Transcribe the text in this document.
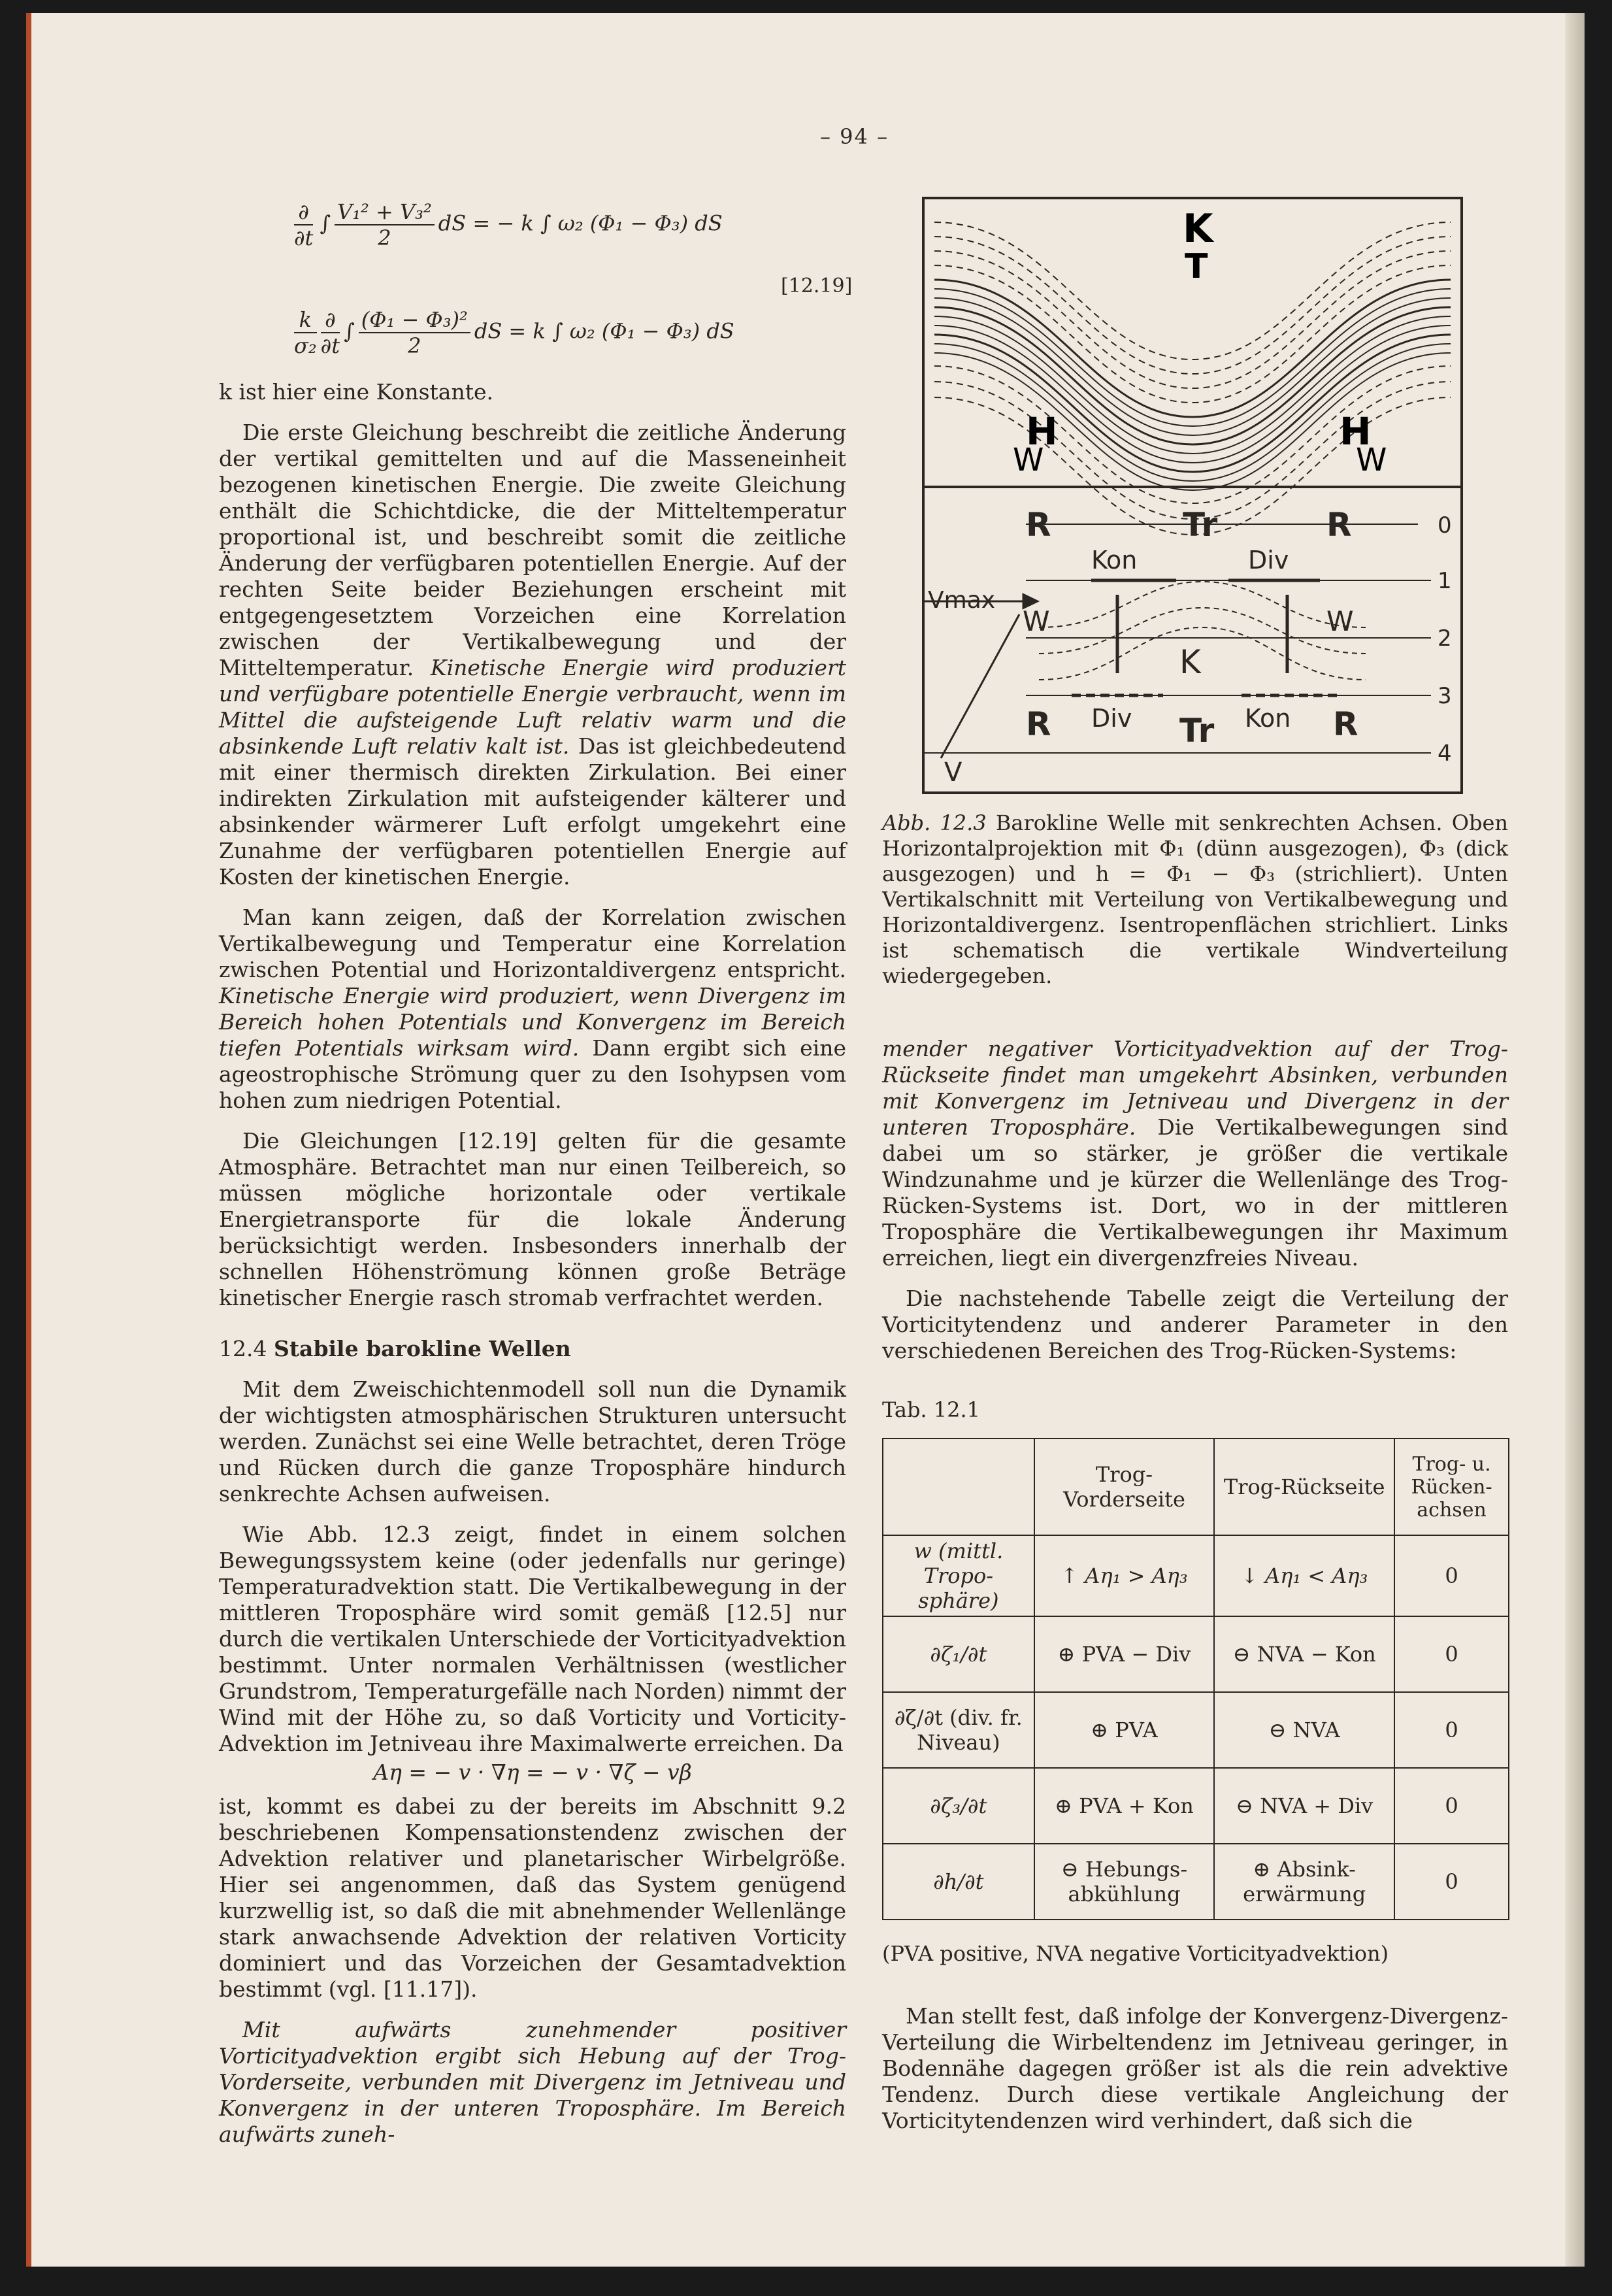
– 94 –
$\frac{\partial}{\partial t}$ ∫ $\frac{\text{V₁² + V₃²}}{2}$ dS = − k ∫ ω₂ (Φ₁ − Φ₃) dS
[12.19]
$\frac{k}{\text{σ₂}} \frac{\partial}{\partial t}$ ∫ $\frac{\text{(Φ₁ − Φ₃)²}}{2}$ dS = k ∫ ω₂ (Φ₁ − Φ₃) dS

k ist hier eine Konstante.

Die erste Gleichung beschreibt die zeitliche Änderung der vertikal gemittelten und auf die Masseneinheit bezogenen kinetischen Energie. Die zweite Gleichung enthält die Schichtdicke, die der Mitteltemperatur proportional ist, und beschreibt somit die zeitliche Änderung der verfügbaren potentiellen Energie. Auf der rechten Seite beider Beziehungen erscheint mit entgegengesetztem Vorzeichen eine Korrelation zwischen der Vertikalbewegung und der Mitteltemperatur. Kinetische Energie wird produziert und verfügbare potentielle Energie verbraucht, wenn im Mittel die aufsteigende Luft relativ warm und die absinkende Luft relativ kalt ist. Das ist gleichbedeutend mit einer thermisch direkten Zirkulation. Bei einer indirekten Zirkulation mit aufsteigender kälterer und absinkender wärmerer Luft erfolgt umgekehrt eine Zunahme der verfügbaren potentiellen Energie auf Kosten der kinetischen Energie.

Man kann zeigen, daß der Korrelation zwischen Vertikalbewegung und Temperatur eine Korrelation zwischen Potential und Horizontaldivergenz entspricht. Kinetische Energie wird produziert, wenn Divergenz im Bereich hohen Potentials und Konvergenz im Bereich tiefen Potentials wirksam wird. Dann ergibt sich eine ageostrophische Strömung quer zu den Isohypsen vom hohen zum niedrigen Potential.

Die Gleichungen [12.19] gelten für die gesamte Atmosphäre. Betrachtet man nur einen Teilbereich, so müssen mögliche horizontale oder vertikale Energietransporte für die lokale Änderung berücksichtigt werden. Insbesonders innerhalb der schnellen Höhenströmung können große Beträge kinetischer Energie rasch stromab verfrachtet werden.

12.4 Stabile barokline Wellen

Mit dem Zweischichtenmodell soll nun die Dynamik der wichtigsten atmosphärischen Strukturen untersucht werden. Zunächst sei eine Welle betrachtet, deren Tröge und Rücken durch die ganze Troposphäre hindurch senkrechte Achsen aufweisen.

Wie Abb. 12.3 zeigt, findet in einem solchen Bewegungssystem keine (oder jedenfalls nur geringe) Temperaturadvektion statt. Die Vertikalbewegung in der mittleren Troposphäre wird somit gemäß [12.5] nur durch die vertikalen Unterschiede der Vorticityadvektion bestimmt. Unter normalen Verhältnissen (westlicher Grundstrom, Temperaturgefälle nach Norden) nimmt der Wind mit der Höhe zu, so daß Vorticity und Vorticity-Advektion im Jetniveau ihre Maximalwerte erreichen. Da

Aη = − v · ∇η = − v · ∇ζ − vβ

ist, kommt es dabei zu der bereits im Abschnitt 9.2 beschriebenen Kompensationstendenz zwischen der Advektion relativer und planetarischer Wirbelgröße. Hier sei angenommen, daß das System genügend kurzwellig ist, so daß die mit abnehmender Wellenlänge stark anwachsende Advektion der relativen Vorticity dominiert und das Vorzeichen der Gesamtadvektion bestimmt (vgl. [11.17]).

Mit aufwärts zunehmender positiver Vorticityadvektion ergibt sich Hebung auf der Trog-Vorderseite, verbunden mit Divergenz im Jetniveau und Konvergenz in der unteren Troposphäre. Im Bereich aufwärts zuneh-

K
T
H
W
H
W
R	Tr	R
Kon	Div
Vmax
W	W
K
Div	Kon
R	Tr	R
V
0
1
2
3
4
Abb. 12.3 Barokline Welle mit senkrechten Achsen. Oben Horizontalprojektion mit Φ₁ (dünn ausgezogen), Φ₃ (dick ausgezogen) und h = Φ₁ − Φ₃ (strichliert). Unten Vertikalschnitt mit Verteilung von Vertikalbewegung und Horizontaldivergenz. Isentropenflächen strichliert. Links ist schematisch die vertikale Windverteilung wiedergegeben.

mender negativer Vorticityadvektion auf der Trog-Rückseite findet man umgekehrt Absinken, verbunden mit Konvergenz im Jetniveau und Divergenz in der unteren Troposphäre. Die Vertikalbewegungen sind dabei um so stärker, je größer die vertikale Windzunahme und je kürzer die Wellenlänge des Trog-Rücken-Systems ist. Dort, wo in der mittleren Troposphäre die Vertikalbewegungen ihr Maximum erreichen, liegt ein divergenzfreies Niveau.

Die nachstehende Tabelle zeigt die Verteilung der Vorticitytendenz und anderer Parameter in den verschiedenen Bereichen des Trog-Rücken-Systems:

Tab. 12.1
	Trog-Vorderseite	Trog-Rückseite	Trog- u. Rücken-achsen
w (mittl. Tropo-sphäre)	↑ Aη₁ > Aη₃	↓ Aη₁ < Aη₃	0
∂ζ₁/∂t	⊕ PVA − Div	⊖ NVA − Kon	0
∂ζ/∂t (div. fr. Niveau)	⊕ PVA	⊖ NVA	0
∂ζ₃/∂t	⊕ PVA + Kon	⊖ NVA + Div	0
∂h/∂t	⊖ Hebungs-abkühlung	⊕ Absink-erwärmung	0
(PVA positive, NVA negative Vorticityadvektion)

Man stellt fest, daß infolge der Konvergenz-Divergenz-Verteilung die Wirbeltendenz im Jetniveau geringer, in Bodennähe dagegen größer ist als die rein advektive Tendenz. Durch diese vertikale Angleichung der Vorticitytendenzen wird verhindert, daß sich die
